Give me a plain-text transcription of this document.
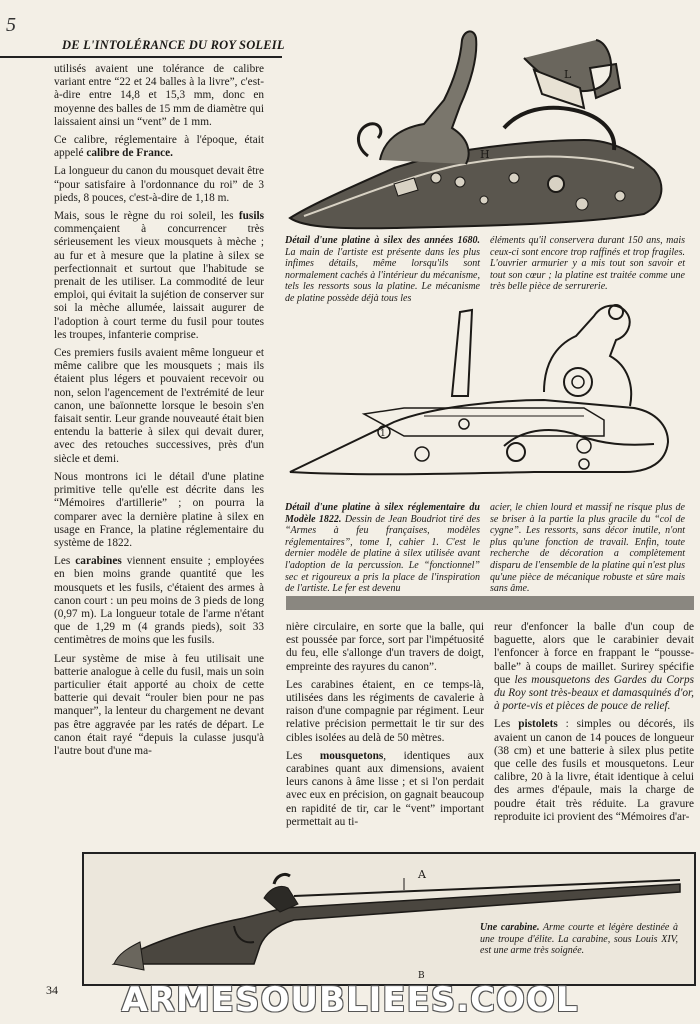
5
DE L'INTOLÉRANCE DU ROY SOLEIL

utilisés avaient une tolérance de calibre variant entre “22 et 24 balles à la livre”, c'est-à-dire entre 14,8 et 15,3 mm, donc en moyenne des balles de 15 mm de diamètre qui laissaient ainsi un “vent” de 1 mm.

Ce calibre, réglementaire à l'époque, était appelé calibre de France.

La longueur du canon du mousquet devait être “pour satisfaire à l'ordonnance du roi” de 3 pieds, 8 pouces, c'est-à-dire de 1,18 m.

Mais, sous le règne du roi soleil, les fusils commençaient à concurrencer très sérieusement les vieux mousquets à mèche ; au fur et à mesure que la platine à silex se perfectionnait et surtout que l'habitude se prenait de les utiliser. La commodité de leur emploi, qui évitait la sujétion de conserver sur soi la mèche allumée, laissait augurer de l'adoption à court terme du fusil pour toutes les troupes, infanterie comprise.

Ces premiers fusils avaient même longueur et même calibre que les mousquets ; mais ils étaient plus légers et pouvaient recevoir ou non, selon l'agencement de l'extrémité de leur canon, une baïonnette lorsque le besoin s'en faisait sentir. Leur grande nouveauté était bien entendu la batterie à silex qui devait durer, avec des retouches successives, près d'un siècle et demi.

Nous montrons ici le détail d'une platine primitive telle qu'elle est décrite dans les “Mémoires d'artillerie” ; on pourra la comparer avec la dernière platine à silex en usage en France, la platine réglementaire du système de 1822.

Les carabines viennent ensuite ; employées en bien moins grande quantité que les mousquets et les fusils, c'étaient des armes à canon court : un peu moins de 3 pieds de long (0,97 m). La longueur totale de l'arme n'étant que de 1,29 m (4 grands pieds), soit 33 centimètres de moins que les fusils.

Leur système de mise à feu utilisait une batterie analogue à celle du fusil, mais un soin particulier était apporté au choix de cette batterie qui devait “rouler bien pour ne pas manquer”, la lenteur du chargement ne devant pas être aggravée par les ratés de départ. Le canon était rayé “depuis la culasse jusqu'à l'autre bout d'une ma-

H
L
Détail d'une platine à silex des années 1680. La main de l'artiste est présente dans les plus infimes détails, même lorsqu'ils sont normalement cachés à l'intérieur du mécanisme, tels les ressorts sous la platine. Le mécanisme de platine possède déjà tous les
éléments qu'il conservera durant 150 ans, mais ceux-ci sont encore trop raffinés et trop fragiles. L'ouvrier armurier y a mis tout son savoir et tout son cœur ; la platine est traitée comme une très belle pièce de serrurerie.
1
Détail d'une platine à silex réglementaire du Modèle 1822. Dessin de Jean Boudriot tiré des “Armes à feu françaises, modèles réglementaires”, tome I, cahier 1. C'est le dernier modèle de platine à silex utilisée avant l'adoption de la percussion. Le “fonctionnel” sec et rigoureux a pris la place de l'inspiration de l'artiste. Le fer est devenu
acier, le chien lourd et massif ne risque plus de se briser à la partie la plus gracile du “col de cygne”. Les ressorts, sans décor inutile, n'ont plus qu'une fonction de travail. Enfin, toute recherche de décoration a complètement disparu de l'ensemble de la platine qui n'est plus qu'une pièce de mécanique robuste et sûre mais sans âme.

nière circulaire, en sorte que la balle, qui est poussée par force, sort par l'impétuosité du feu, elle s'allonge d'un travers de doigt, empreinte des rayures du canon”.

Les carabines étaient, en ce temps-là, utilisées dans les régiments de cavalerie à raison d'une compagnie par régiment. Leur relative précision permettait le tir sur des cibles isolées au delà de 50 mètres.

Les mousquetons, identiques aux carabines quant aux dimensions, avaient leurs canons à âme lisse ; et si l'on perdait avec eux en précision, on gagnait beaucoup en rapidité de tir, car le “vent” important permettait au ti-

reur d'enfoncer la balle d'un coup de baguette, alors que le carabinier devait l'enfoncer à force en frappant le “pousse-balle” à coups de maillet. Surirey spécifie que les mousquetons des Gardes du Corps du Roy sont très-beaux et damasquinés d'or, à porte-vis et pièces de pouce de relief.

Les pistolets : simples ou décorés, ils avaient un canon de 14 pouces de longueur (38 cm) et une batterie à silex plus petite que celle des fusils et mousquetons. Leur calibre, 20 à la livre, était identique à celui des armes d'épaule, mais la charge de poudre était très réduite. La gravure reproduite ici provient des “Mémoires d'ar-

A
B
Une carabine. Arme courte et légère destinée à une troupe d'élite. La carabine, sous Louis XIV, est une arme très soignée.
34	ARMESOUBLIEES.COOL
